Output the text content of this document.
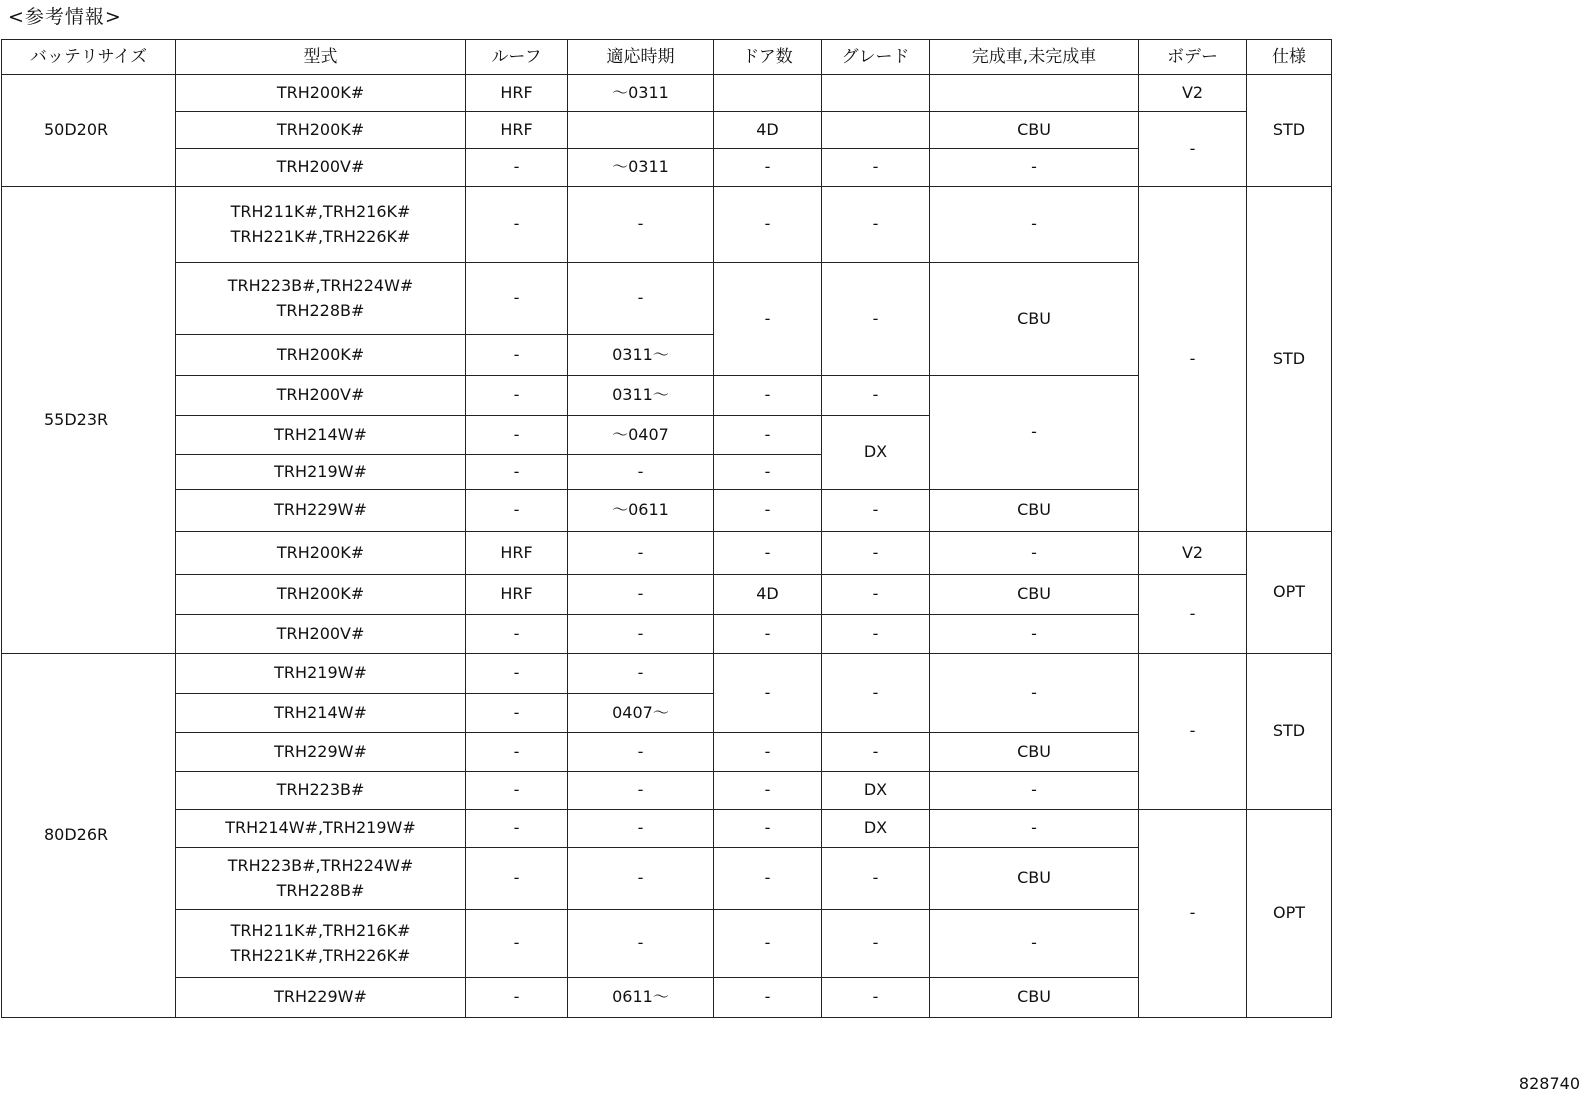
<参考情報>
バッテリサイズ	型式	ルーフ	適応時期	ドア数	グレード	完成車,未完成車	ボデー	仕様
50D20R	TRH200K#	HRF	～0311				V2	STD
	TRH200K#	HRF		4D		CBU	-	
	TRH200V#	-	～0311	-	-	-		
55D23R	TRH211K#,TRH216K#
TRH221K#,TRH226K#	-	-	-	-	-	-	STD
	TRH223B#,TRH224W#
TRH228B#	-	-	-	-	CBU		
	TRH200K#	-	0311～					
	TRH200V#	-	0311～	-	-	-		
	TRH214W#	-	～0407	-	DX			
	TRH219W#	-	-	-				
	TRH229W#	-	～0611	-	-	CBU		
	TRH200K#	HRF	-	-	-	-	V2	OPT
	TRH200K#	HRF	-	4D	-	CBU	-	
	TRH200V#	-	-	-	-	-		
80D26R	TRH219W#	-	-	-	-	-	-	STD
	TRH214W#	-	0407～					
	TRH229W#	-	-	-	-	CBU		
	TRH223B#	-	-	-	DX	-		
	TRH214W#,TRH219W#	-	-	-	DX	-	-	OPT
	TRH223B#,TRH224W#
TRH228B#	-	-	-	-	CBU		
	TRH211K#,TRH216K#
TRH221K#,TRH226K#	-	-	-	-	-		
	TRH229W#	-	0611～	-	-	CBU		
828740
